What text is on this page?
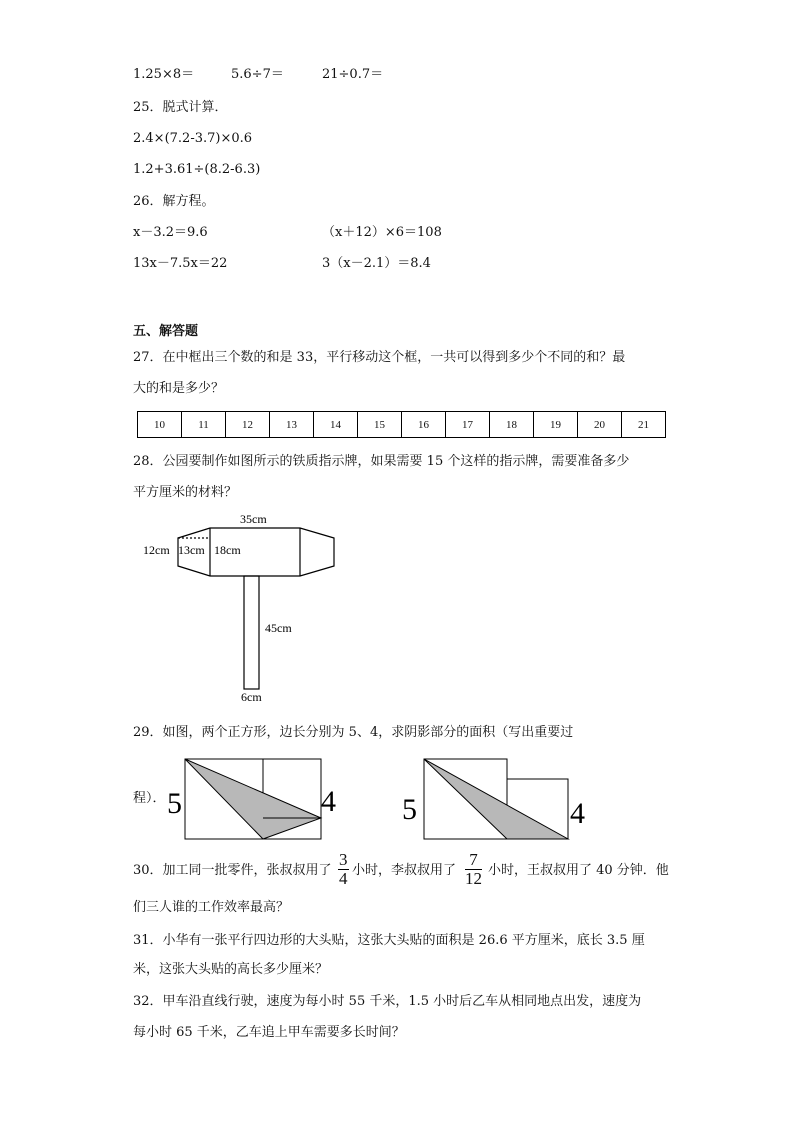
1.25×8＝	5.6÷7＝	21÷0.7＝
25．脱式计算．
2.4×(7.2-3.7)×0.6
1.2+3.61÷(8.2-6.3)
26．解方程。
x－3.2＝9.6	（x＋12）×6＝108
13x－7.5x＝22	3（x－2.1）＝8.4
五、解答题
27．在中框出三个数的和是 33，平行移动这个框，一共可以得到多少个不同的和？最
大的和是多少？
10	11	12	13	14	15	16	17	18	19	20	21
28．公园要制作如图所示的铁质指示牌，如果需要 15 个这样的指示牌，需要准备多少
平方厘米的材料？
35cm
12cm 13cm 18cm
45cm
6cm
29．如图，两个正方形，边长分别为 5、4，求阴影部分的面积（写出重要过
程）． 5	4 5	4
30．加工同一批零件，张叔叔用了 $\frac{3}{4}$ 小时，李叔叔用了 $\frac{7}{12}$ 小时，王叔叔用了 40 分钟．他
们三人谁的工作效率最高？
31．小华有一张平行四边形的大头贴，这张大头贴的面积是 26.6 平方厘米，底长 3.5 厘
米，这张大头贴的高长多少厘米？
32．甲车沿直线行驶，速度为每小时 55 千米，1.5 小时后乙车从相同地点出发，速度为
每小时 65 千米，乙车追上甲车需要多长时间？
